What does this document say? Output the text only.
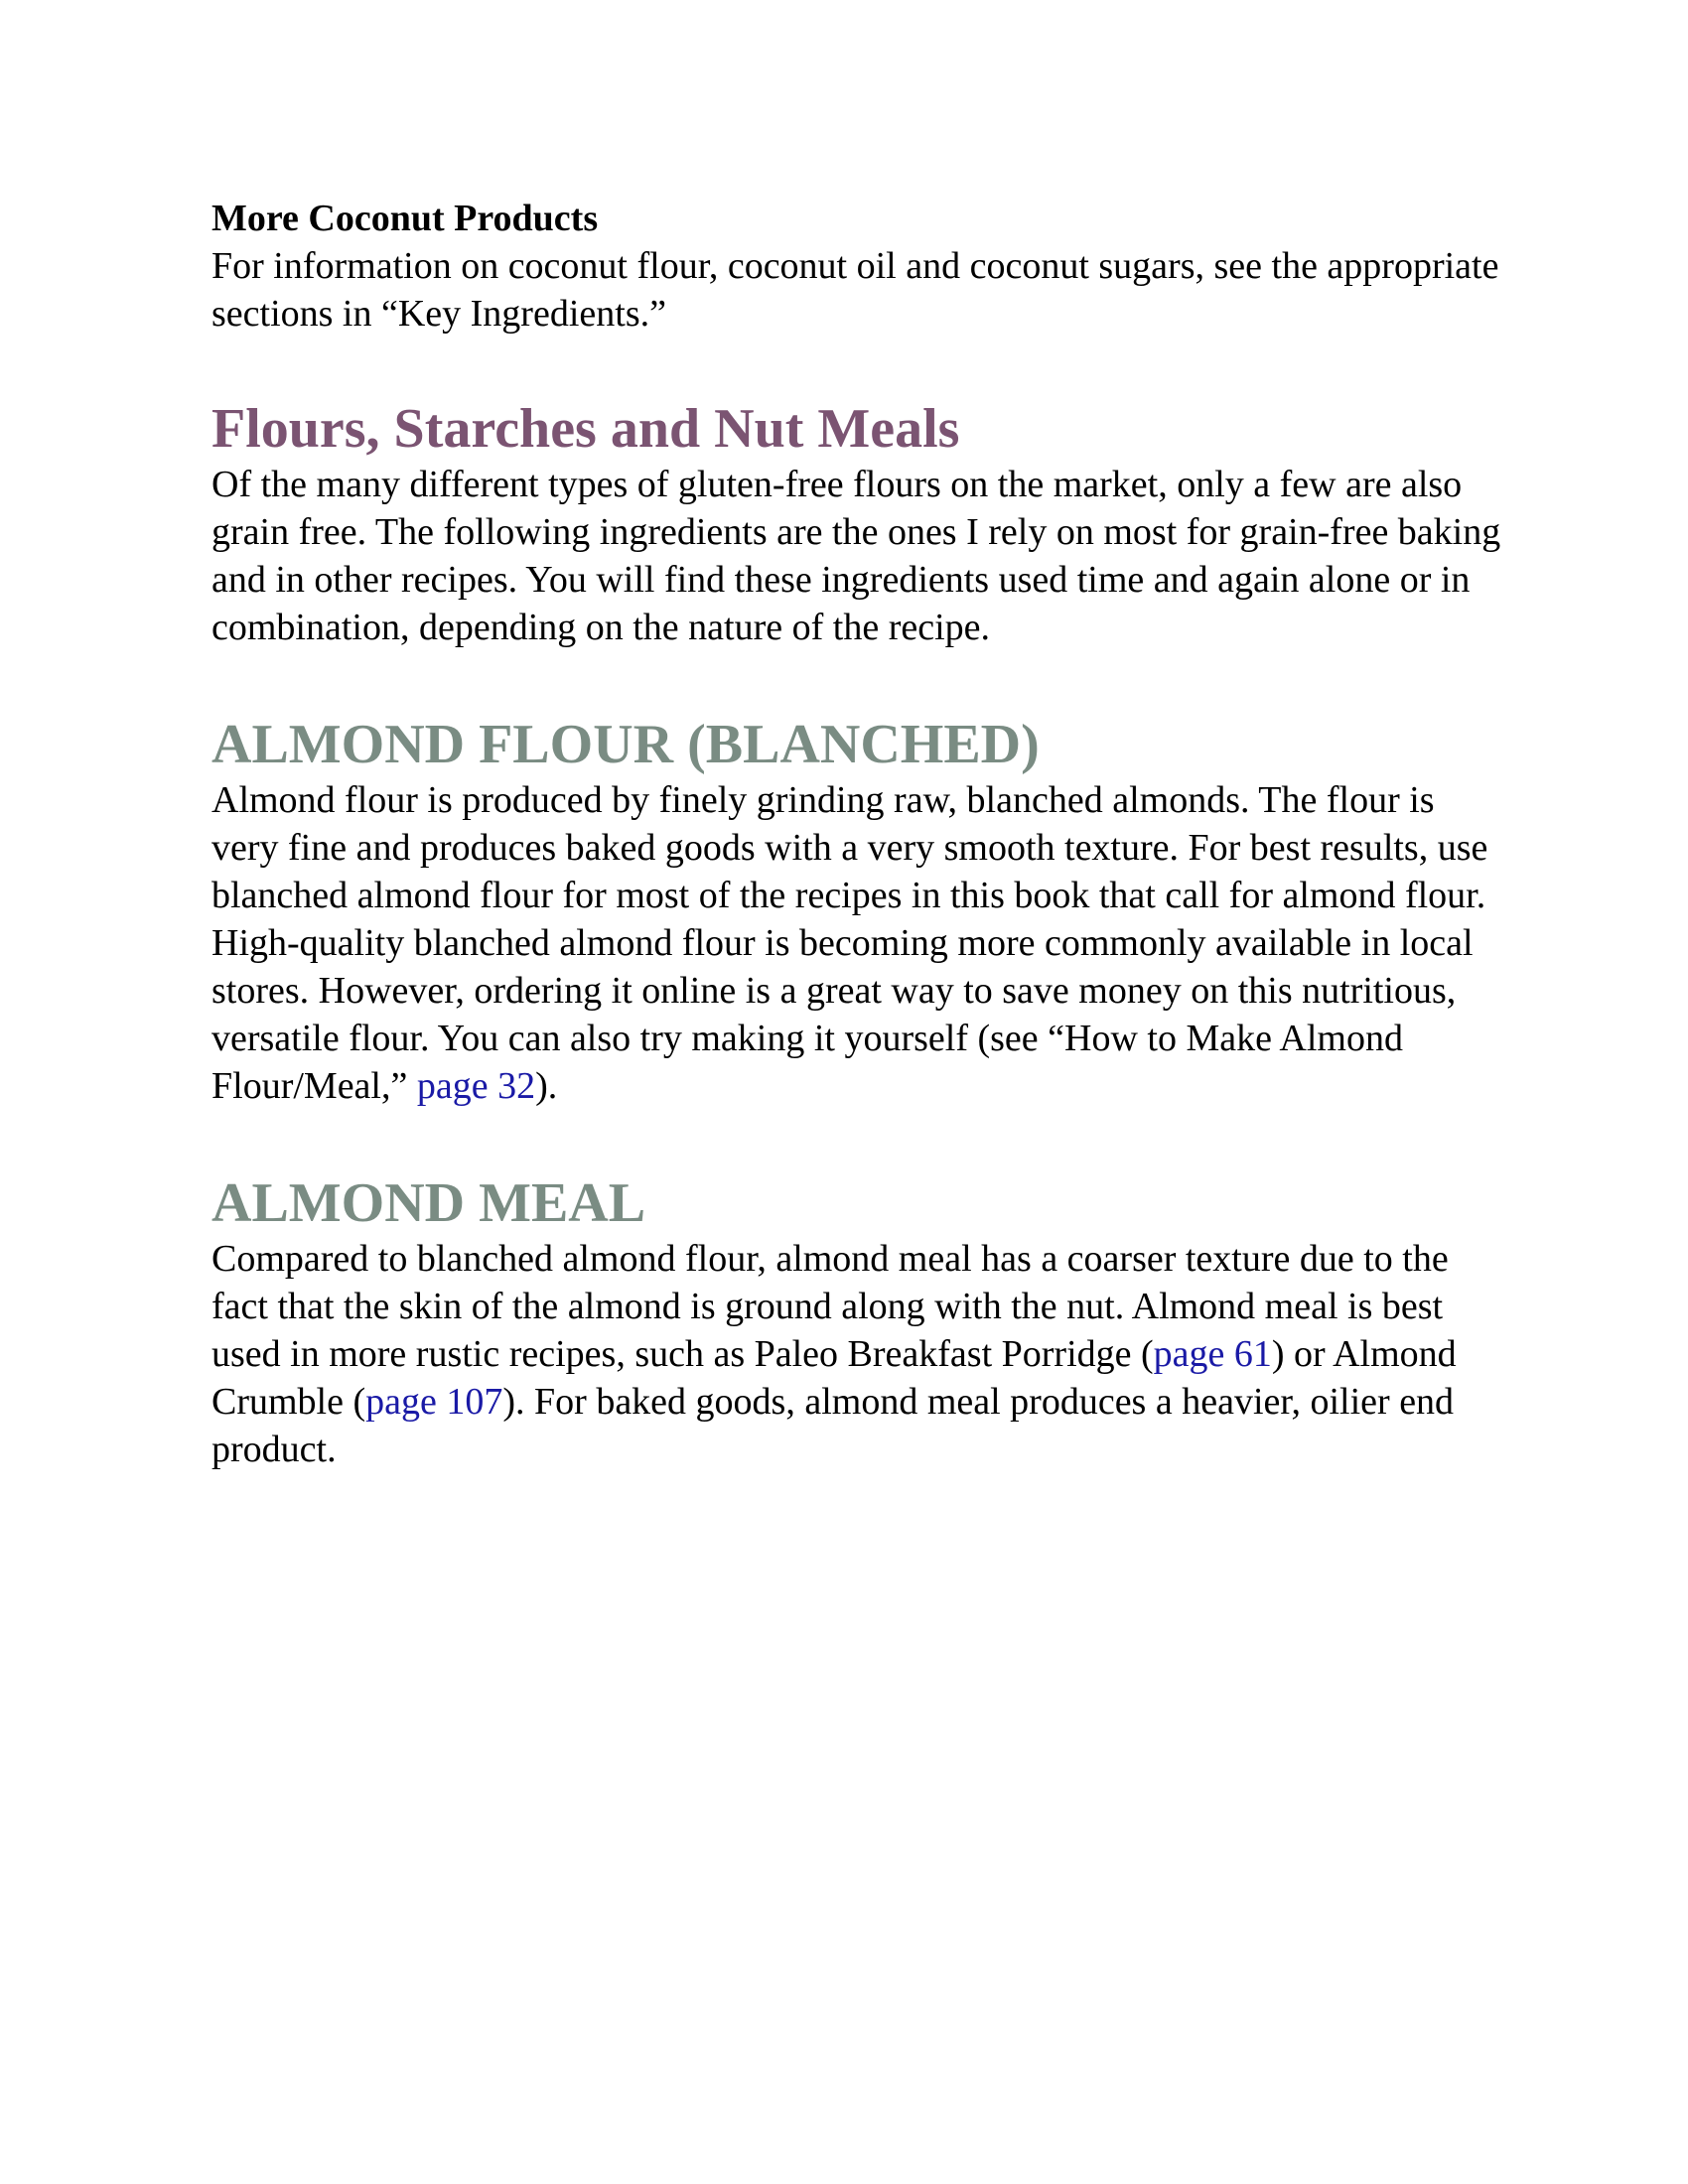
More Coconut Products

For information on coconut flour, coconut oil and coconut sugars, see the appropriate sections in “Key Ingredients.”

Flours, Starches and Nut Meals

Of the many different types of gluten-free flours on the market, only a few are also grain free. The following ingredients are the ones I rely on most for grain-free baking and in other recipes. You will find these ingredients used time and again alone or in combination, depending on the nature of the recipe.

ALMOND FLOUR (BLANCHED)

Almond flour is produced by finely grinding raw, blanched almonds. The flour is very fine and produces baked goods with a very smooth texture. For best results, use blanched almond flour for most of the recipes in this book that call for almond flour. High-quality blanched almond flour is becoming more commonly available in local stores. However, ordering it online is a great way to save money on this nutritious, versatile flour. You can also try making it yourself (see “How to Make Almond Flour/Meal,” page 32).

ALMOND MEAL

Compared to blanched almond flour, almond meal has a coarser texture due to the fact that the skin of the almond is ground along with the nut. Almond meal is best used in more rustic recipes, such as Paleo Breakfast Porridge (page 61) or Almond Crumble (page 107). For baked goods, almond meal produces a heavier, oilier end product.
